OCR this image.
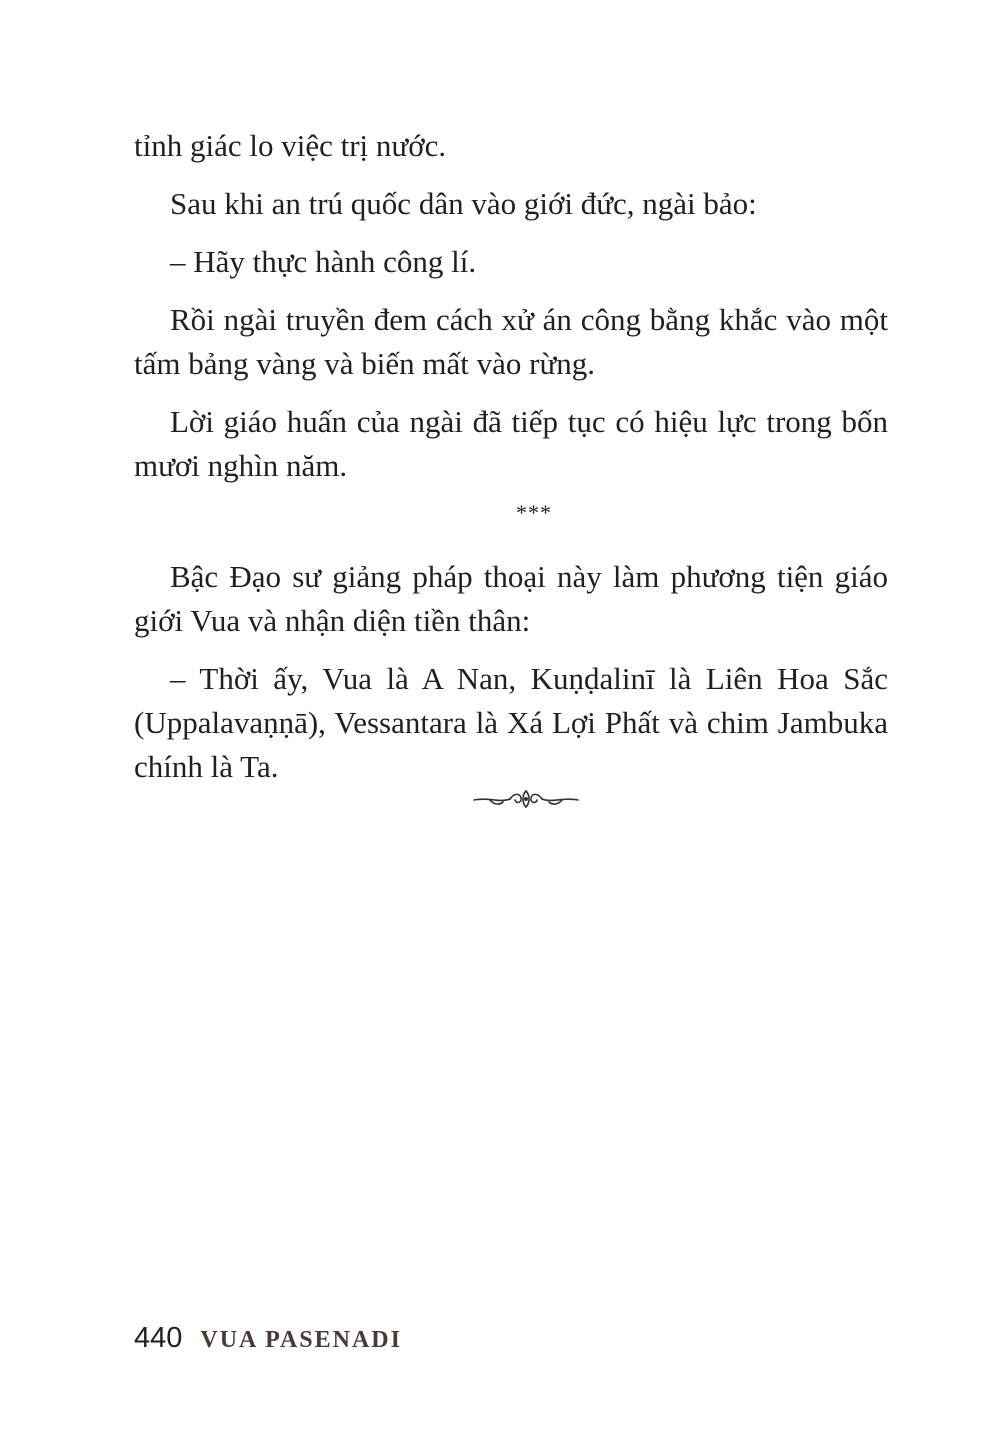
tỉnh giác lo việc trị nước.

Sau khi an trú quốc dân vào giới đức, ngài bảo:

– Hãy thực hành công lí.

Rồi ngài truyền đem cách xử án công bằng khắc vào một tấm bảng vàng và biến mất vào rừng.

Lời giáo huấn của ngài đã tiếp tục có hiệu lực trong bốn mươi nghìn năm.

***

Bậc Đạo sư giảng pháp thoại này làm phương tiện giáo giới Vua và nhận diện tiền thân:

– Thời ấy, Vua là A Nan, Kuṇḍalinī là Liên Hoa Sắc (Uppalavaṇṇā), Vessantara là Xá Lợi Phất và chim Jambuka chính là Ta.

440 VUA PASENADI
